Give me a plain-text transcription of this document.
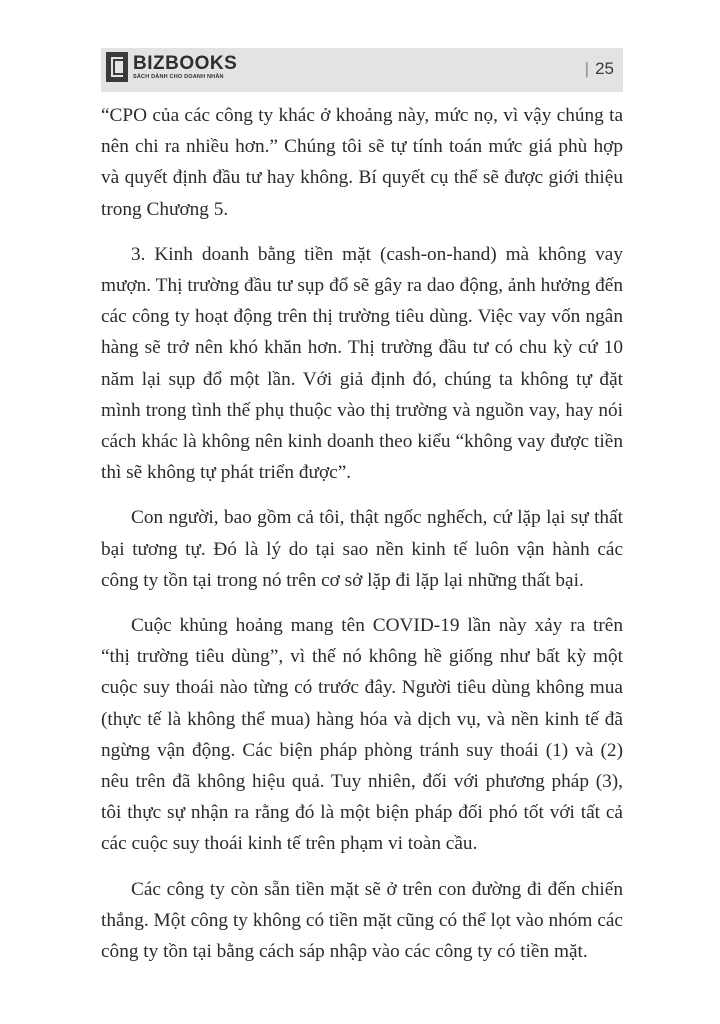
BIZBOOKS
SÁCH DÀNH CHO DOANH NHÂN	| 25

“CPO của các công ty khác ở khoảng này, mức nọ, vì vậy chúng ta nên chi ra nhiều hơn.” Chúng tôi sẽ tự tính toán mức giá phù hợp và quyết định đầu tư hay không. Bí quyết cụ thể sẽ được giới thiệu trong Chương 5.

3. Kinh doanh bằng tiền mặt (cash-on-hand) mà không vay mượn. Thị trường đầu tư sụp đổ sẽ gây ra dao động, ảnh hưởng đến các công ty hoạt động trên thị trường tiêu dùng. Việc vay vốn ngân hàng sẽ trở nên khó khăn hơn. Thị trường đầu tư có chu kỳ cứ 10 năm lại sụp đổ một lần. Với giả định đó, chúng ta không tự đặt mình trong tình thế phụ thuộc vào thị trường và nguồn vay, hay nói cách khác là không nên kinh doanh theo kiểu “không vay được tiền thì sẽ không tự phát triển được”.

Con người, bao gồm cả tôi, thật ngốc nghếch, cứ lặp lại sự thất bại tương tự. Đó là lý do tại sao nền kinh tế luôn vận hành các công ty tồn tại trong nó trên cơ sở lặp đi lặp lại những thất bại.

Cuộc khủng hoảng mang tên COVID-19 lần này xảy ra trên “thị trường tiêu dùng”, vì thế nó không hề giống như bất kỳ một cuộc suy thoái nào từng có trước đây. Người tiêu dùng không mua (thực tế là không thể mua) hàng hóa và dịch vụ, và nền kinh tế đã ngừng vận động. Các biện pháp phòng tránh suy thoái (1) và (2) nêu trên đã không hiệu quả. Tuy nhiên, đối với phương pháp (3), tôi thực sự nhận ra rằng đó là một biện pháp đối phó tốt với tất cả các cuộc suy thoái kinh tế trên phạm vi toàn cầu.

Các công ty còn sẵn tiền mặt sẽ ở trên con đường đi đến chiến thắng. Một công ty không có tiền mặt cũng có thể lọt vào nhóm các công ty tồn tại bằng cách sáp nhập vào các công ty có tiền mặt.
